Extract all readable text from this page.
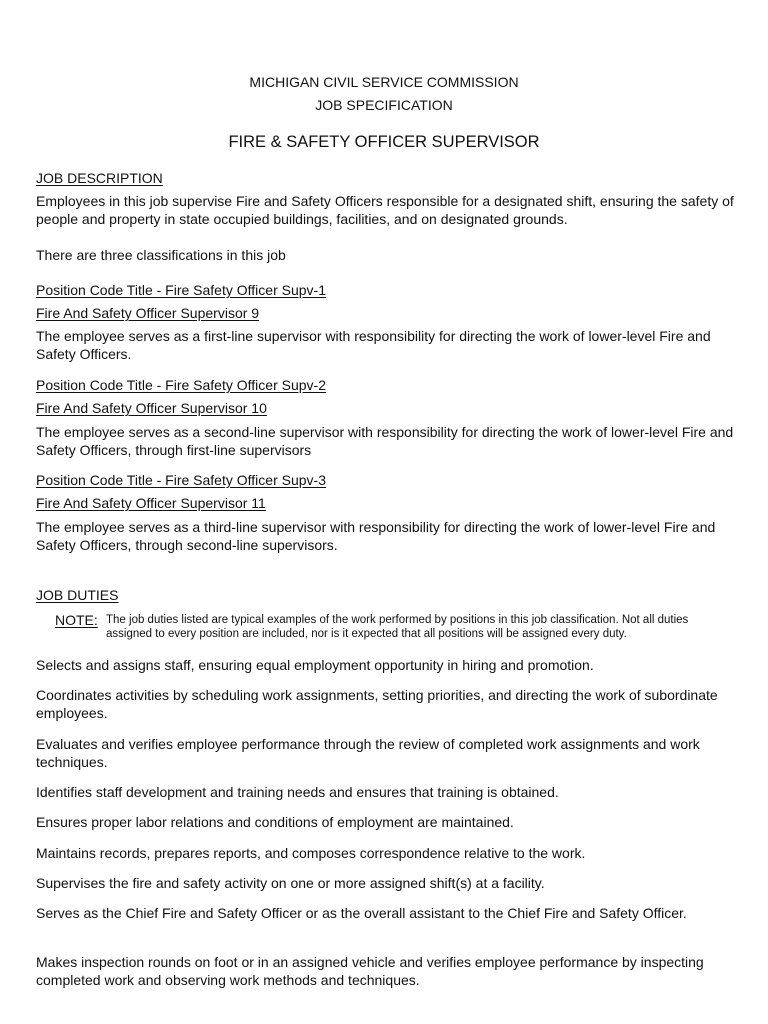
MICHIGAN CIVIL SERVICE COMMISSION
JOB SPECIFICATION
FIRE & SAFETY OFFICER SUPERVISOR
JOB DESCRIPTION
Employees in this job supervise Fire and Safety Officers responsible for a designated shift, ensuring the safety of people and property in state occupied buildings, facilities, and on designated grounds.
There are three classifications in this job
Position Code Title - Fire Safety Officer Supv-1
Fire And Safety Officer Supervisor 9
The employee serves as a first-line supervisor with responsibility for directing the work of lower-level Fire and Safety Officers.
Position Code Title - Fire Safety Officer Supv-2
Fire And Safety Officer Supervisor 10
The employee serves as a second-line supervisor with responsibility for directing the work of lower-level Fire and Safety Officers, through first-line supervisors
Position Code Title - Fire Safety Officer Supv-3
Fire And Safety Officer Supervisor 11
The employee serves as a third-line supervisor with responsibility for directing the work of lower-level Fire and Safety Officers, through second-line supervisors.
JOB DUTIES
NOTE: The job duties listed are typical examples of the work performed by positions in this job classification. Not all duties assigned to every position are included, nor is it expected that all positions will be assigned every duty.
Selects and assigns staff, ensuring equal employment opportunity in hiring and promotion.
Coordinates activities by scheduling work assignments, setting priorities, and directing the work of subordinate employees.
Evaluates and verifies employee performance through the review of completed work assignments and work techniques.
Identifies staff development and training needs and ensures that training is obtained.
Ensures proper labor relations and conditions of employment are maintained.
Maintains records, prepares reports, and composes correspondence relative to the work.
Supervises the fire and safety activity on one or more assigned shift(s) at a facility.
Serves as the Chief Fire and Safety Officer or as the overall assistant to the Chief Fire and Safety Officer.
Makes inspection rounds on foot or in an assigned vehicle and verifies employee performance by inspecting completed work and observing work methods and techniques.
